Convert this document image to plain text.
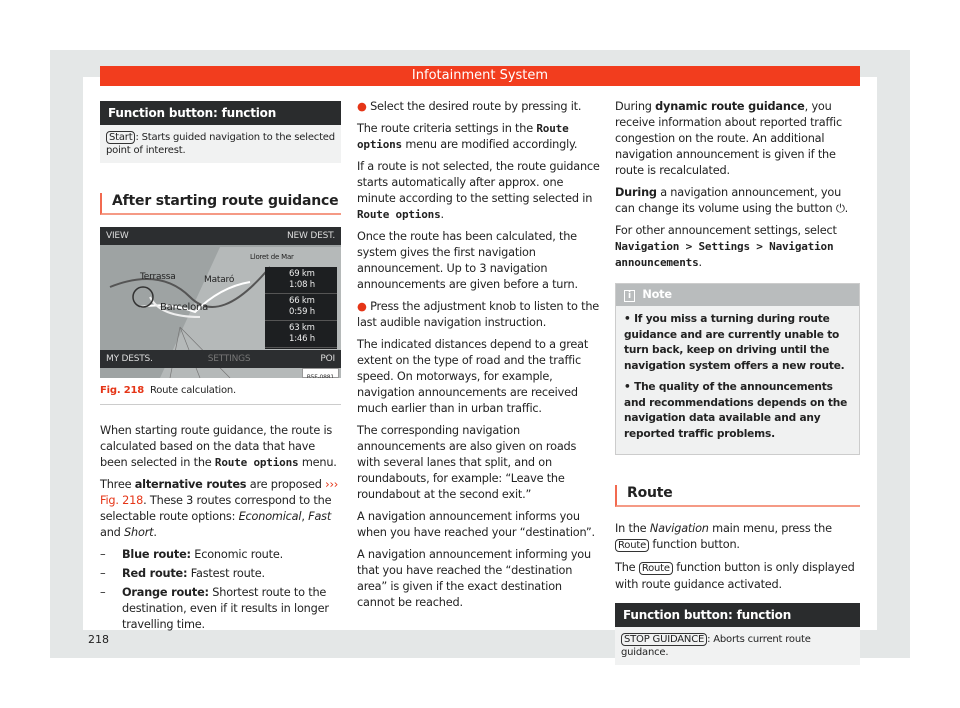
Infotainment System
Function button: function
Start : Starts guided navigation to the selected point of interest.
After starting route guidance
VIEW	NEW DEST.
Lloret de Mar
Terrassa	Mataró
Barcelona
69 km
1:08 h
66 km
0:59 h
63 km
1:46 h
MY DESTS.	SETTINGS	POI
B5F-0881
Fig. 218 Route calculation.

When starting route guidance, the route is calculated based on the data that have been selected in the Route options menu.

Three alternative routes are proposed ››› Fig. 218. These 3 routes correspond to the selectable route options: Economical, Fast and Short.

– Blue route: Economic route.
– Red route: Fastest route.
– Orange route: Shortest route to the destination, even if it results in longer travelling time.

● Select the desired route by pressing it.

The route criteria settings in the Route options menu are modified accordingly.

If a route is not selected, the route guidance starts automatically after approx. one minute according to the setting selected in Route options.

Once the route has been calculated, the system gives the first navigation announcement. Up to 3 navigation announcements are given before a turn.

● Press the adjustment knob to listen to the last audible navigation instruction.

The indicated distances depend to a great extent on the type of road and the traffic speed. On motorways, for example, navigation announcements are received much earlier than in urban traffic.

The corresponding navigation announcements are also given on roads with several lanes that split, and on roundabouts, for example: “Leave the roundabout at the second exit.”

A navigation announcement informs you when you have reached your “destination”.

A navigation announcement informing you that you have reached the “destination area” is given if the exact destination cannot be reached.

During dynamic route guidance, you receive information about reported traffic congestion on the route. An additional navigation announcement is given if the route is recalculated.

During a navigation announcement, you can change its volume using the button ⏻.

For other announcement settings, select Navigation > Settings > Navigation announcements.

i Note

• If you miss a turning during route guidance and are currently unable to turn back, keep on driving until the navigation system offers a new route.

• The quality of the announcements and recommendations depends on the navigation data available and any reported traffic problems.

Route

In the Navigation main menu, press the Route function button.

The Route function button is only displayed with route guidance activated.

Function button: function
STOP GUIDANCE : Aborts current route guidance.
218
